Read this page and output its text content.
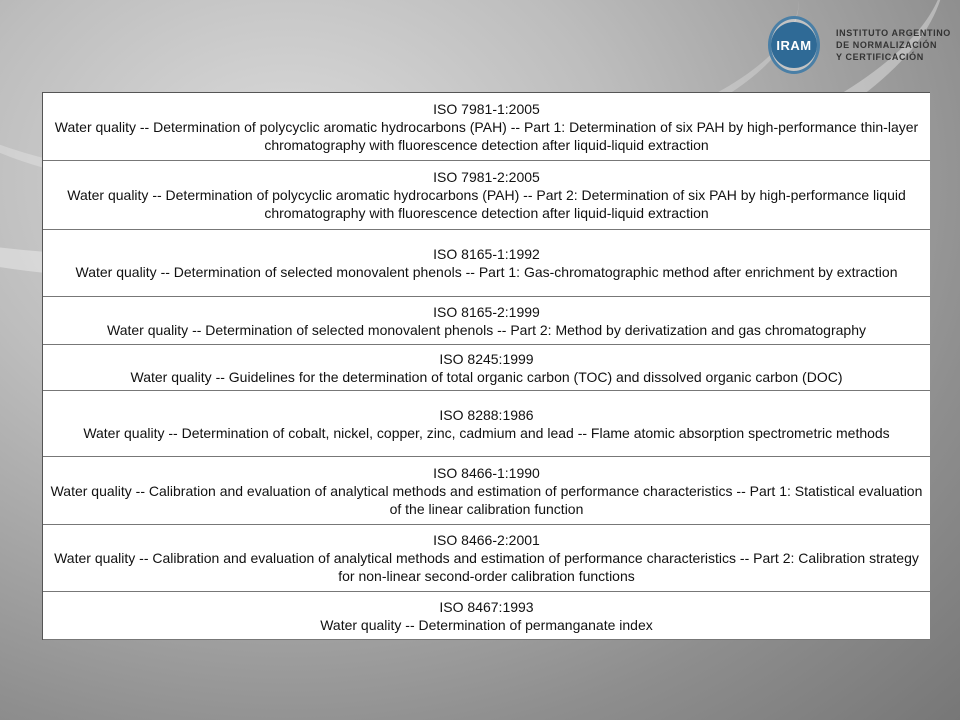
IRAM
INSTITUTO ARGENTINO
DE NORMALIZACIÓN
Y CERTIFICACIÓN
ISO 7981-1:2005
Water quality -- Determination of polycyclic aromatic hydrocarbons (PAH) -- Part 1: Determination of six PAH by high-performance thin-layer chromatography with fluorescence detection after liquid-liquid extraction
ISO 7981-2:2005
Water quality -- Determination of polycyclic aromatic hydrocarbons (PAH) -- Part 2: Determination of six PAH by high-performance liquid chromatography with fluorescence detection after liquid-liquid extraction
ISO 8165-1:1992
Water quality -- Determination of selected monovalent phenols -- Part 1: Gas-chromatographic method after enrichment by extraction
ISO 8165-2:1999
Water quality -- Determination of selected monovalent phenols -- Part 2: Method by derivatization and gas chromatography
ISO 8245:1999
Water quality -- Guidelines for the determination of total organic carbon (TOC) and dissolved organic carbon (DOC)
ISO 8288:1986
Water quality -- Determination of cobalt, nickel, copper, zinc, cadmium and lead -- Flame atomic absorption spectrometric methods
ISO 8466-1:1990
Water quality -- Calibration and evaluation of analytical methods and estimation of performance characteristics -- Part 1: Statistical evaluation of the linear calibration function
ISO 8466-2:2001
Water quality -- Calibration and evaluation of analytical methods and estimation of performance characteristics -- Part 2: Calibration strategy for non-linear second-order calibration functions
ISO 8467:1993
Water quality -- Determination of permanganate index
